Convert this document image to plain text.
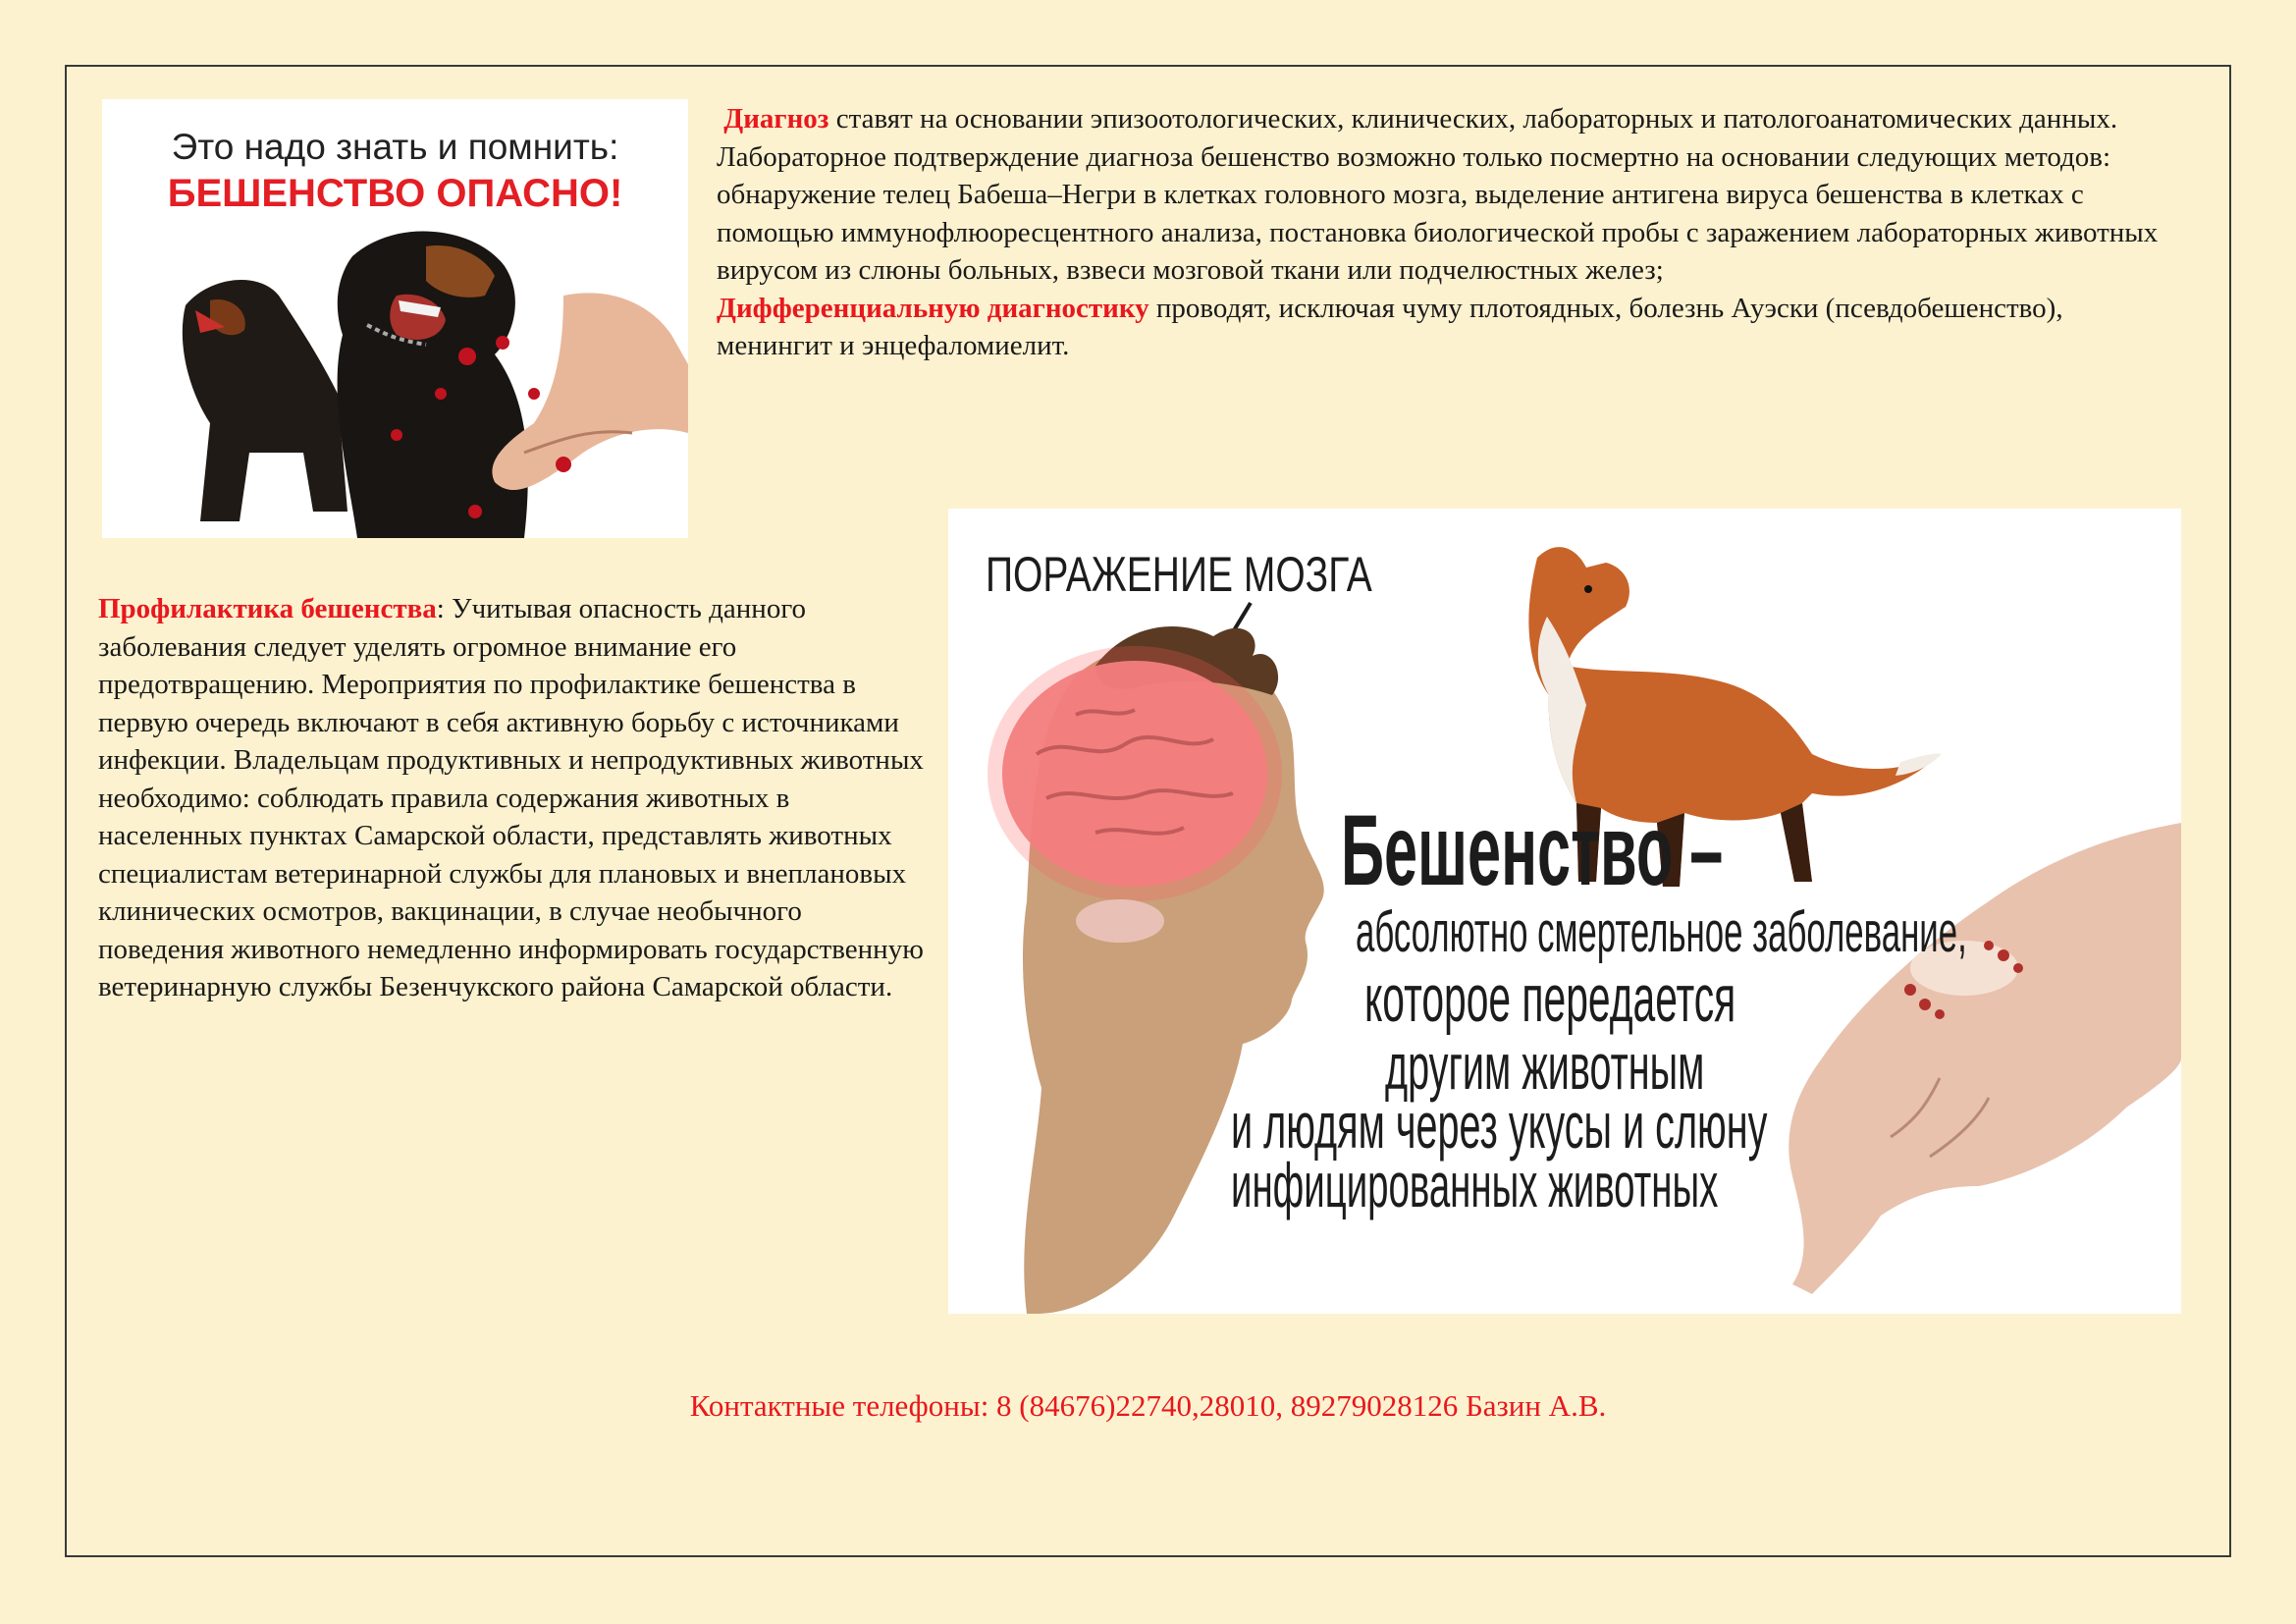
Это надо знать и помнить:
БЕШЕНСТВО ОПАСНО!
Диагноз ставят на основании эпизоотологических, клинических, лабораторных и патологоанатомических данных. Лабораторное подтверждение диагноза бешенство возможно только посмертно на основании следующих методов: обнаружение телец Бабеша–Негри в клетках головного мозга, выделение антигена вируса бешенства в клетках с помощью иммунофлюоресцентного анализа, постановка биологической пробы с заражением лабораторных животных вирусом из слюны больных, взвеси мозговой ткани или подчелюстных желез;
Дифференциальную диагностику проводят, исключая чуму плотоядных, болезнь Ауэски (псевдобешенство), менингит и энцефаломиелит.
Профилактика бешенства: Учитывая опасность данного заболевания следует уделять огромное внимание его предотвращению. Мероприятия по профилактике бешенства в первую очередь включают в себя активную борьбу с источниками инфекции. Владельцам продуктивных и непродуктивных животных необходимо: соблюдать правила содержания животных в населенных пунктах Самарской области, представлять животных специалистам ветеринарной службы для плановых и внеплановых клинических осмотров, вакцинации, в случае необычного поведения животного немедленно информировать государственную ветеринарную службы Безенчукского района Самарской области.
ПОРАЖЕНИЕ МОЗГА
Бешенство –
абсолютно смертельное заболевание,
которое передается
другим животным
и людям через укусы и слюну
инфицированных животных
Контактные телефоны: 8 (84676)22740,28010, 89279028126 Базин А.В.
